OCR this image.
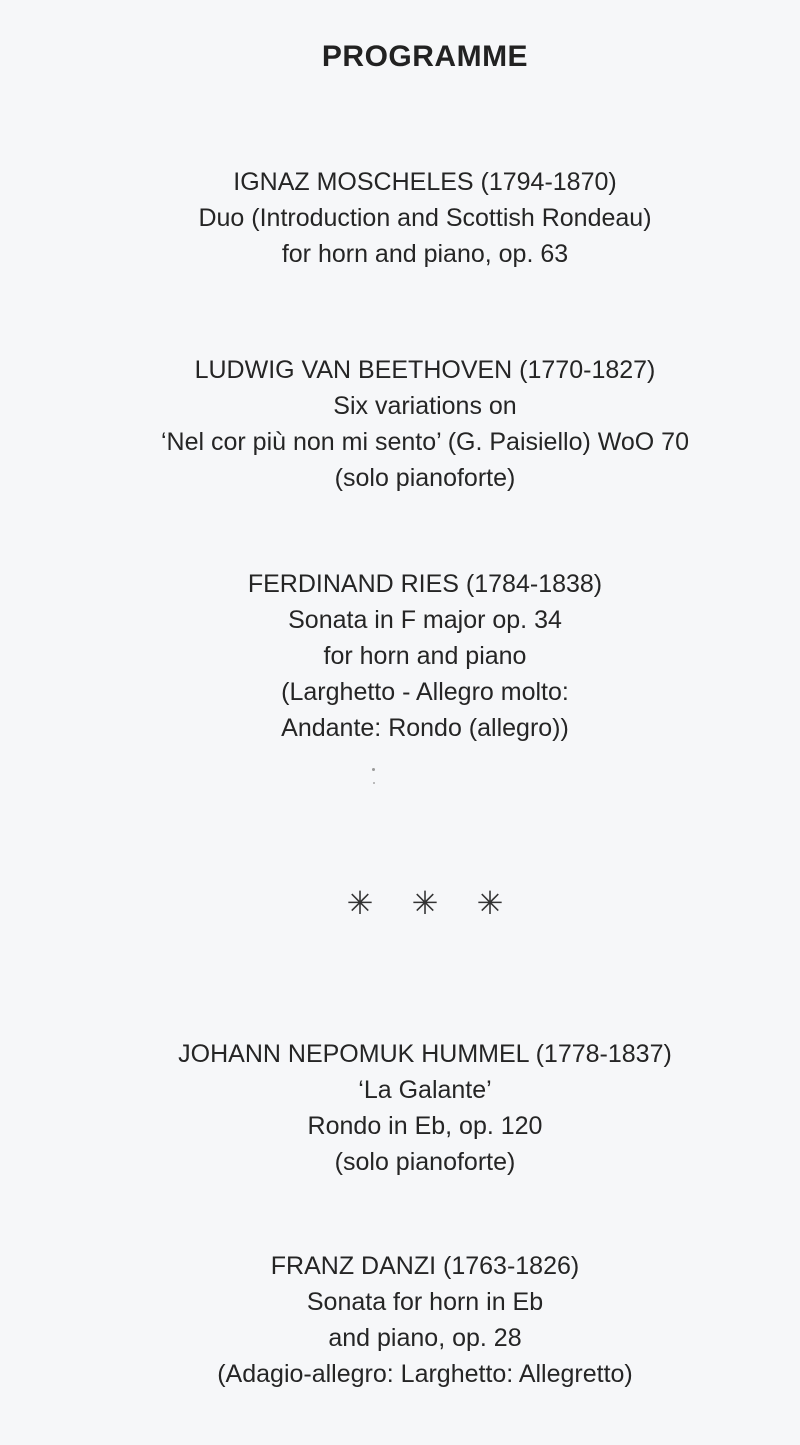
PROGRAMME
IGNAZ MOSCHELES (1794-1870)
Duo (Introduction and Scottish Rondeau)
for horn and piano, op. 63
LUDWIG VAN BEETHOVEN (1770-1827)
Six variations on
‘Nel cor più non mi sento’ (G. Paisiello) WoO 70
(solo pianoforte)
FERDINAND RIES (1784-1838)
Sonata in F major op. 34
for horn and piano
(Larghetto - Allegro molto:
Andante: Rondo (allegro))
✳ ✳ ✳
JOHANN NEPOMUK HUMMEL (1778-1837)
‘La Galante’
Rondo in Eb, op. 120
(solo pianoforte)
FRANZ DANZI (1763-1826)
Sonata for horn in Eb
and piano, op. 28
(Adagio-allegro: Larghetto: Allegretto)
